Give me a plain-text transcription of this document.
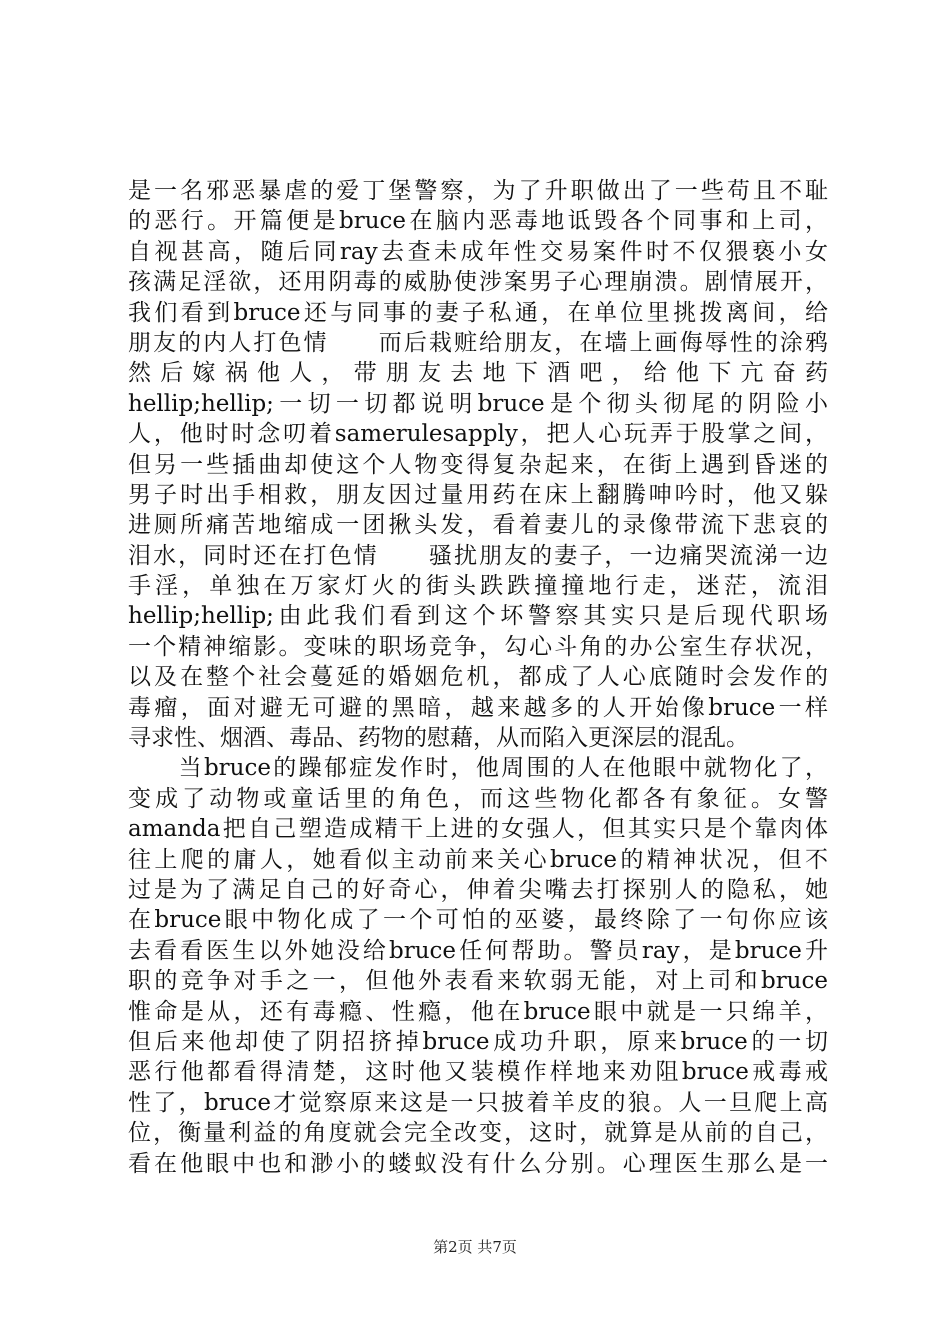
是一名邪恶暴虐的爱丁堡警察，为了升职做出了一些苟且不耻
的恶行。开篇便是bruce在脑内恶毒地诋毁各个同事和上司，
自视甚高，随后同ray去查未成年性交易案件时不仅猥亵小女
孩满足淫欲，还用阴毒的威胁使涉案男子心理崩溃。剧情展开，
我们看到bruce还与同事的妻子私通，在单位里挑拨离间，给
朋友的内人打色情　　而后栽赃给朋友，在墙上画侮辱性的涂鸦
然后嫁祸他人，带朋友去地下酒吧，给他下亢奋药
hellip;hellip;一切一切都说明bruce是个彻头彻尾的阴险小
人，他时时念叨着samerulesapply，把人心玩弄于股掌之间，
但另一些插曲却使这个人物变得复杂起来，在街上遇到昏迷的
男子时出手相救，朋友因过量用药在床上翻腾呻吟时，他又躲
进厕所痛苦地缩成一团揪头发，看着妻儿的录像带流下悲哀的
泪水，同时还在打色情　　骚扰朋友的妻子，一边痛哭流涕一边
手淫，单独在万家灯火的街头跌跌撞撞地行走，迷茫，流泪
hellip;hellip;由此我们看到这个坏警察其实只是后现代职场
一个精神缩影。变味的职场竞争，勾心斗角的办公室生存状况，
以及在整个社会蔓延的婚姻危机，都成了人心底随时会发作的
毒瘤，面对避无可避的黑暗，越来越多的人开始像bruce一样
寻求性、烟酒、毒品、药物的慰藉，从而陷入更深层的混乱。
　　当bruce的躁郁症发作时，他周围的人在他眼中就物化了，
变成了动物或童话里的角色，而这些物化都各有象征。女警
amanda把自己塑造成精干上进的女强人，但其实只是个靠肉体
往上爬的庸人，她看似主动前来关心bruce的精神状况，但不
过是为了满足自己的好奇心，伸着尖嘴去打探别人的隐私，她
在bruce眼中物化成了一个可怕的巫婆，最终除了一句你应该
去看看医生以外她没给bruce任何帮助。警员ray，是bruce升
职的竞争对手之一，但他外表看来软弱无能，对上司和bruce
惟命是从，还有毒瘾、性瘾，他在bruce眼中就是一只绵羊，
但后来他却使了阴招挤掉bruce成功升职，原来bruce的一切
恶行他都看得清楚，这时他又装模作样地来劝阻bruce戒毒戒
性了，bruce才觉察原来这是一只披着羊皮的狼。人一旦爬上高
位，衡量利益的角度就会完全改变，这时，就算是从前的自己，
看在他眼中也和渺小的蝼蚁没有什么分别。心理医生那么是一
第2页 共7页
